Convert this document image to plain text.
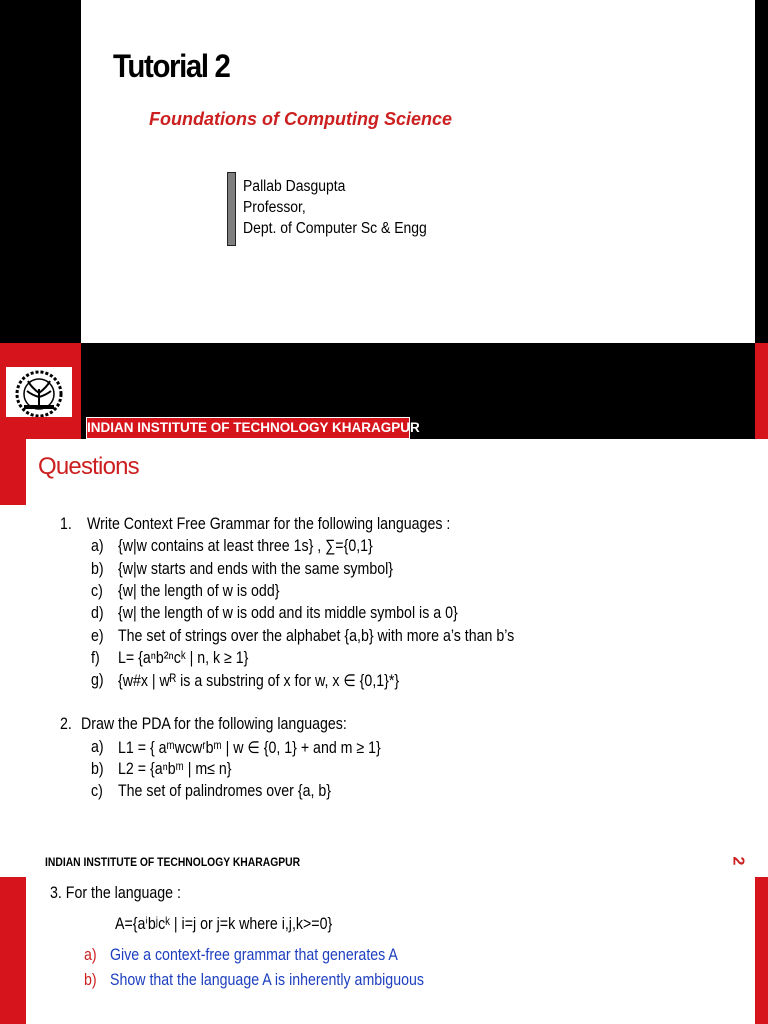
Tutorial 2
Foundations of Computing Science
Pallab Dasgupta
Professor,
Dept. of Computer Sc & Engg
INDIAN INSTITUTE OF TECHNOLOGY KHARAGPUR	1
Questions
1. Write Context Free Grammar for the following languages :
a) {w|w contains at least three 1s} , ∑={0,1}
b) {w|w starts and ends with the same symbol}
c) {w| the length of w is odd}
d) {w| the length of w is odd and its middle symbol is a 0}
e) The set of strings over the alphabet {a,b} with more a’s than b’s
f) L= {aⁿb²ⁿcᵏ | n, k ≥ 1}
g) {w#x | wᴿ is a substring of x for w, x ∈ {0,1}*}
2. Draw the PDA for the following languages:
a) L1 = { aᵐwcwʳbᵐ | w ∈ {0, 1} + and m ≥ 1}
b) L2 = {aⁿbᵐ | m≤ n}
c) The set of palindromes over {a, b}
INDIAN INSTITUTE OF TECHNOLOGY KHARAGPUR	2
3. For the language :
A={aⁱbʲcᵏ | i=j or j=k where i,j,k>=0}
a) Give a context-free grammar that generates A
b) Show that the language A is inherently ambiguous
